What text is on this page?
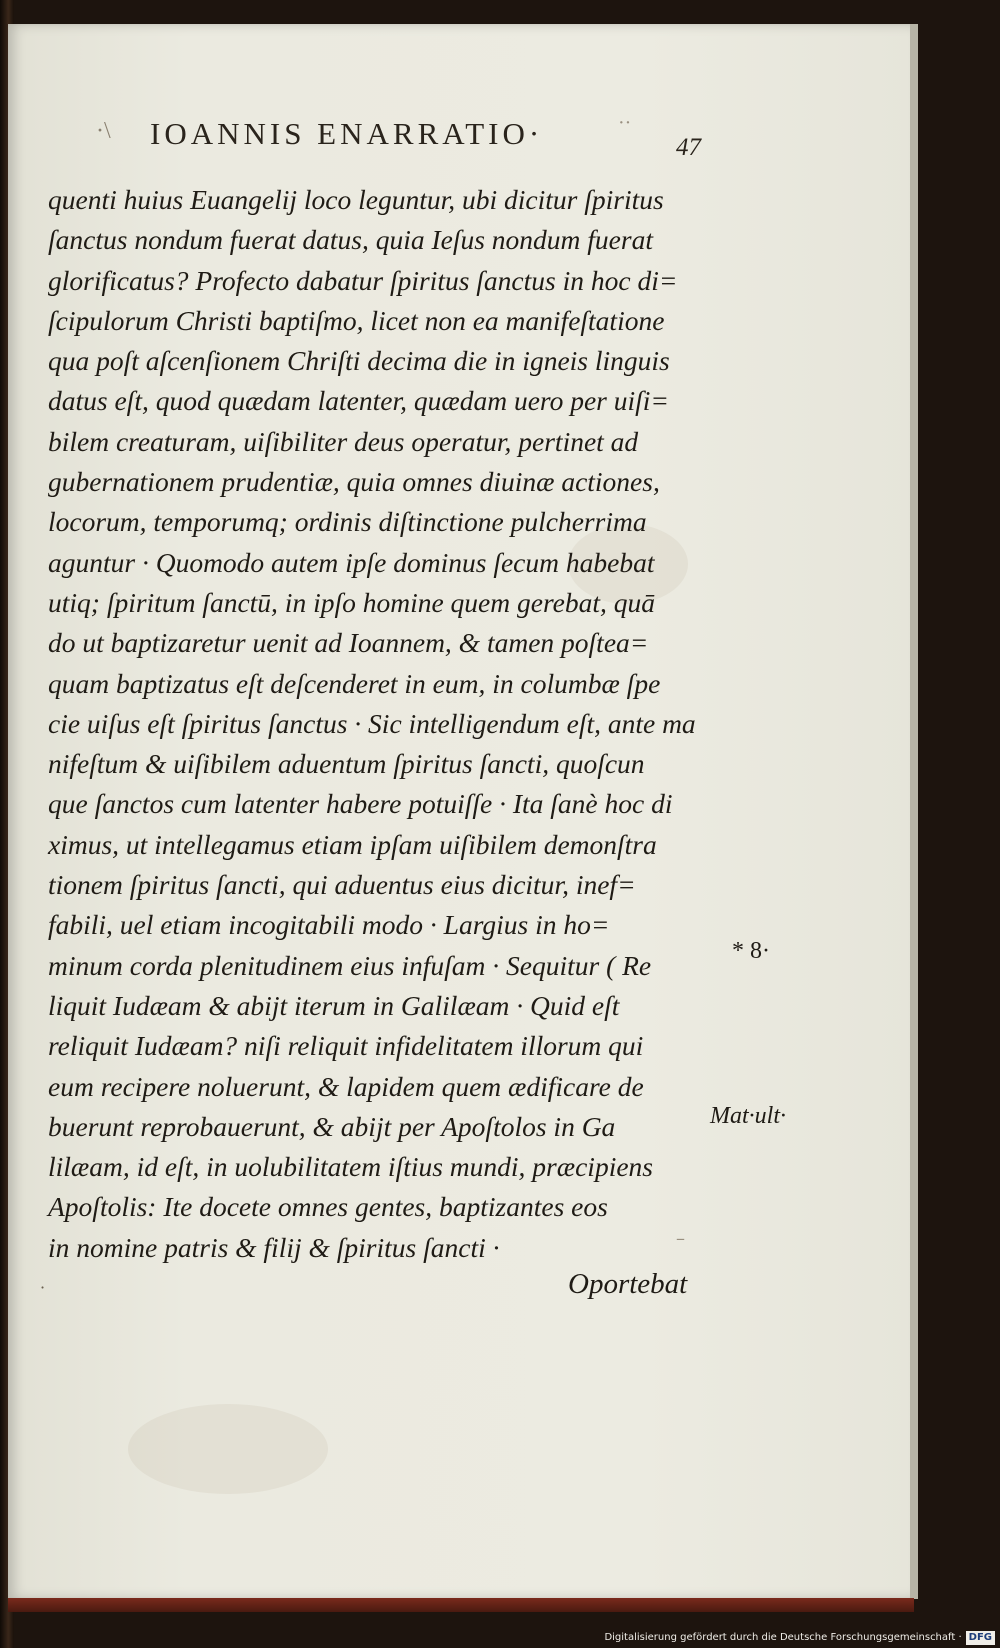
·\ IOANNIS ENARRATIO·	··
47
quenti huius Euangelij loco leguntur, ubi dicitur ſpiritus
ſanctus nondum fuerat datus, quia Ieſus nondum fuerat
glorificatus? Profecto dabatur ſpiritus ſanctus in hoc di=
ſcipulorum Christi baptiſmo, licet non ea manifeſtatione
qua poſt aſcenſionem Chriſti decima die in igneis linguis
datus eſt, quod quædam latenter, quædam uero per uiſi=
bilem creaturam, uiſibiliter deus operatur, pertinet ad
gubernationem prudentiæ, quia omnes diuinæ actiones,
locorum, temporumq; ordinis diſtinctione pulcherrima
aguntur · Quomodo autem ipſe dominus ſecum habebat
utiq; ſpiritum ſanctū, in ipſo homine quem gerebat, quā
do ut baptizaretur uenit ad Ioannem, & tamen poſtea=
quam baptizatus eſt deſcenderet in eum, in columbæ ſpe
cie uiſus eſt ſpiritus ſanctus · Sic intelligendum eſt, ante ma
nifeſtum & uiſibilem aduentum ſpiritus ſancti, quoſcun
que ſanctos cum latenter habere potuiſſe · Ita ſanè hoc di
ximus, ut intellegamus etiam ipſam uiſibilem demonſtra
tionem ſpiritus ſancti, qui aduentus eius dicitur, inef=
fabili, uel etiam incogitabili modo · Largius in ho=
minum corda plenitudinem eius infuſam · Sequitur ( Re
liquit Iudæam & abijt iterum in Galilæam · Quid eſt
reliquit Iudæam? niſi reliquit infidelitatem illorum qui
eum recipere noluerunt, & lapidem quem ædificare de
buerunt reprobauerunt, & abijt per Apoſtolos in Ga
lilæam, id eſt, in uolubilitatem iſtius mundi, præcipiens
Apoſtolis: Ite docete omnes gentes, baptizantes eos
in nomine patris & filij & ſpiritus ſancti ·
* 8·
Mat·ult·
–
·	Oportebat
Digitalisierung gefördert durch die Deutsche Forschungsgemeinschaft · DFG
